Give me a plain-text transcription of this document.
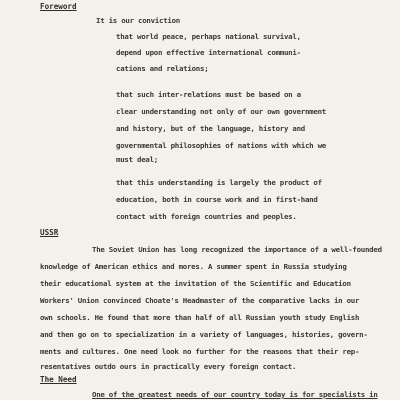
Foreword
It is our conviction
that world peace, perhaps national survival,
depend upon effective international communi-
cations and relations;
that such inter-relations must be based on a
clear understanding not only of our own government
and history, but of the language, history and
governmental philosophies of nations with which we
must deal;
that this understanding is largely the product of
education, both in course work and in first-hand
contact with foreign countries and peoples.
USSR
The Soviet Union has long recognized the importance of a well-founded
knowledge of American ethics and mores. A summer spent in Russia studying
their educational system at the invitation of the Scientific and Education
Workers' Union convinced Choate's Headmaster of the comparative lacks in our
own schools. He found that more than half of all Russian youth study English
and then go on to specialization in a variety of languages, histories, govern-
ments and cultures. One need look no further for the reasons that their rep-
resentatives outdo ours in practically every foreign contact.
The Need
One of the greatest needs of our country today is for specialists in
